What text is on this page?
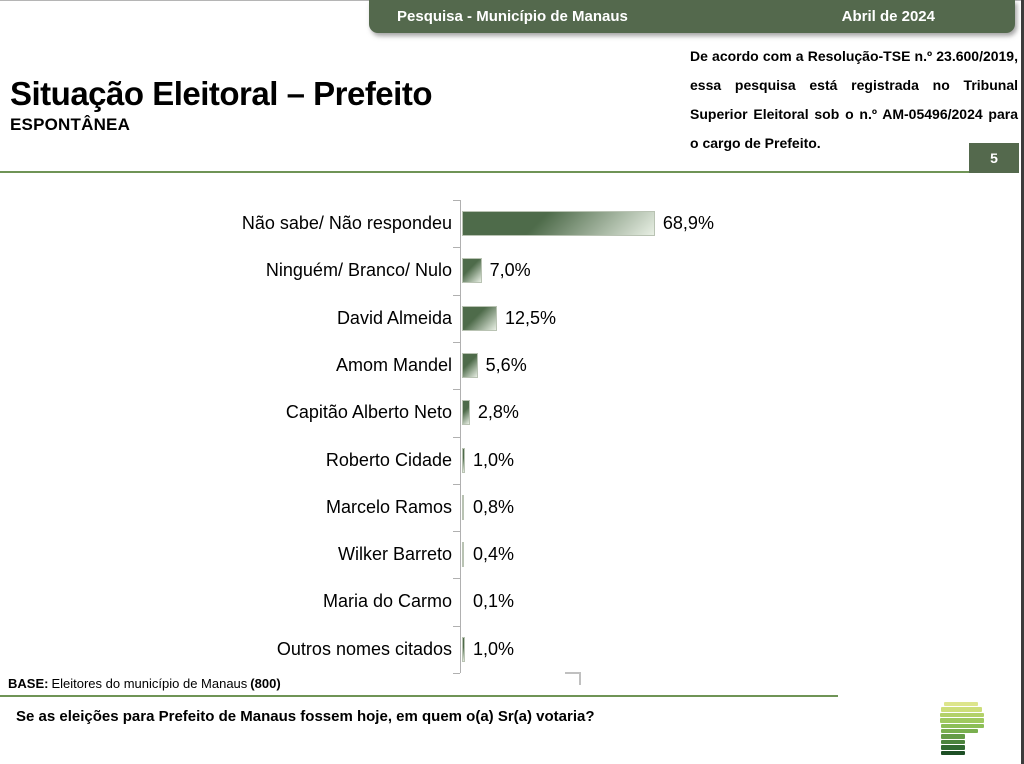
Pesquisa - Município de Manaus	Abril de 2024
Situação Eleitoral – Prefeito
ESPONTÂNEA
De acordo com a Resolução-TSE n.º 23.600/2019, essa pesquisa está registrada no Tribunal Superior Eleitoral sob o n.º AM-05496/2024 para o cargo de Prefeito.
5
Não sabe/ Não respondeu	68,9%
Ninguém/ Branco/ Nulo 7,0%
David Almeida	12,5%
Amom Mandel 5,6%
Capitão Alberto Neto 2,8%
Roberto Cidade 1,0%
Marcelo Ramos 0,8%
Wilker Barreto 0,4%
Maria do Carmo 0,1%
Outros nomes citados 1,0%
BASE: Eleitores do município de Manaus (800)
Se as eleições para Prefeito de Manaus fossem hoje, em quem o(a) Sr(a) votaria?
